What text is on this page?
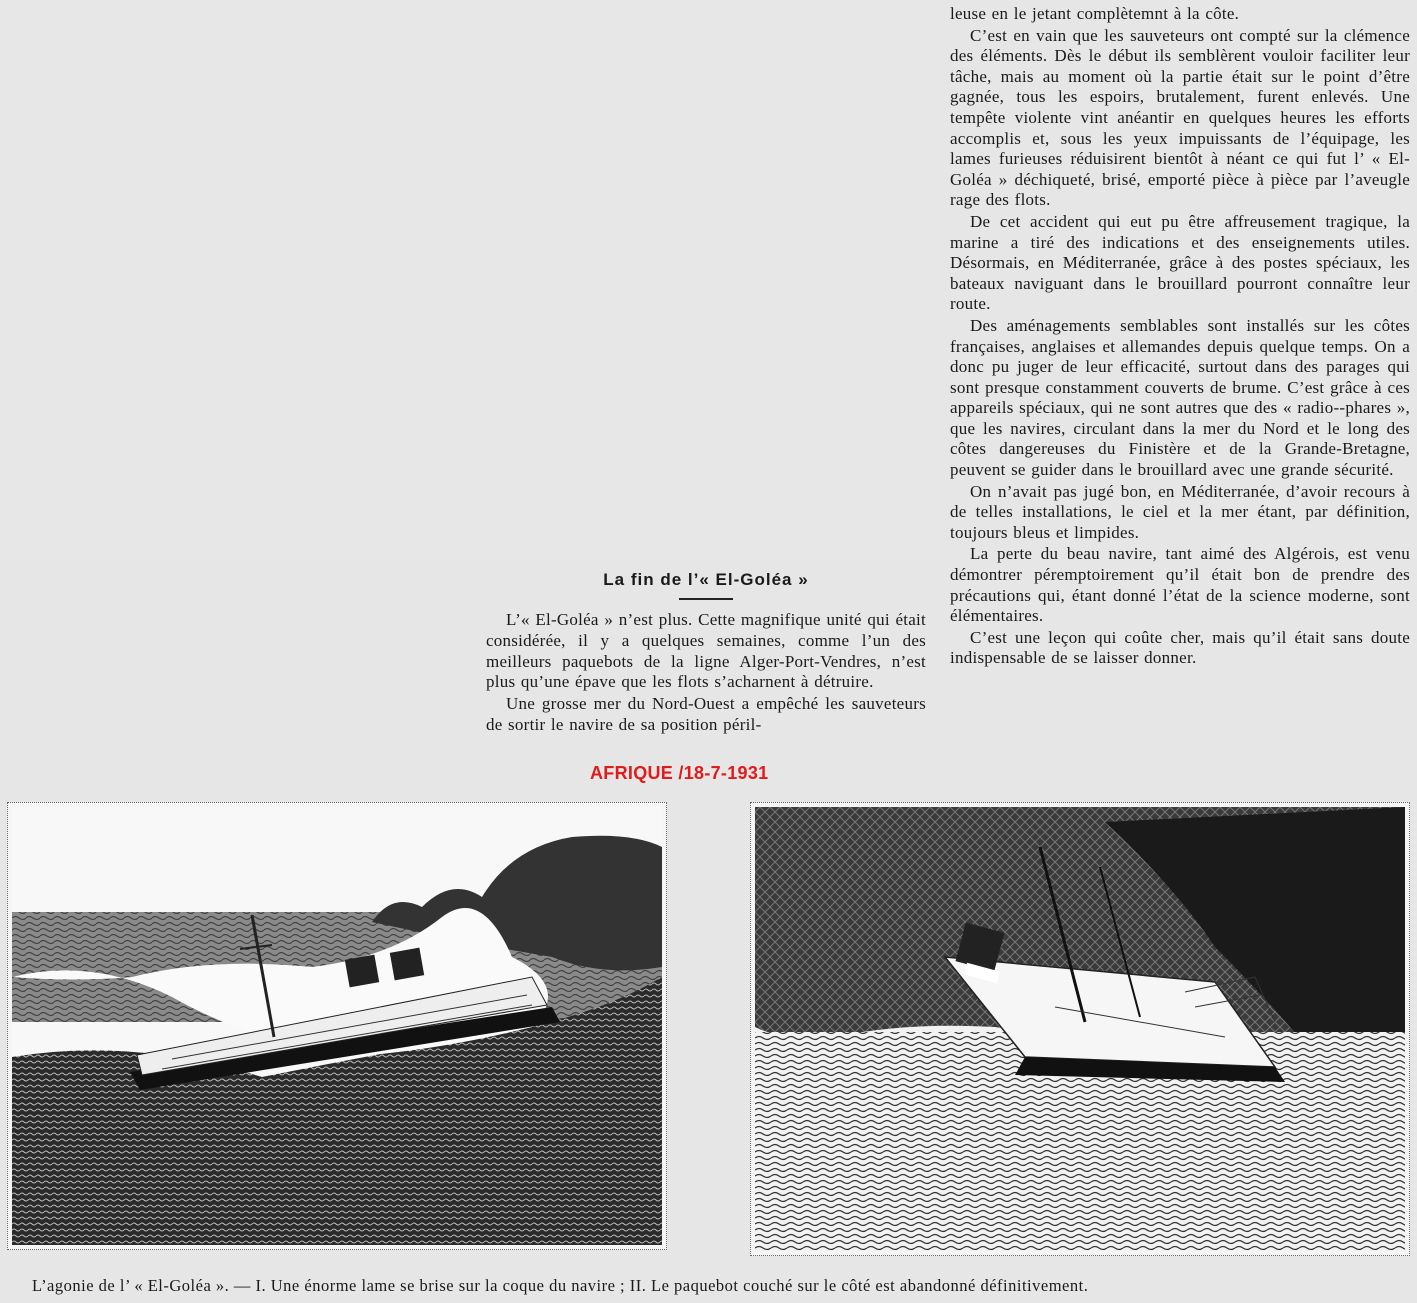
leuse en le jetant complètemnt à la côte.

C’est en vain que les sauveteurs ont compté sur la clémence des éléments. Dès le début ils semblèrent vouloir faciliter leur tâche, mais au moment où la partie était sur le point d’être gagnée, tous les espoirs, brutalement, furent enlevés. Une tempête violente vint anéantir en quelques heures les efforts accomplis et, sous les yeux impuissants de l’équipage, les lames furieuses réduisirent bientôt à néant ce qui fut l’ « El-Goléa » déchiqueté, brisé, emporté pièce à pièce par l’aveugle rage des flots.

De cet accident qui eut pu être affreusement tragique, la marine a tiré des indications et des enseignements utiles. Désormais, en Méditerranée, grâce à des postes spéciaux, les bateaux naviguant dans le brouillard pourront connaître leur route.

Des aménagements semblables sont installés sur les côtes françaises, anglaises et allemandes depuis quelque temps. On a donc pu juger de leur efficacité, surtout dans des parages qui sont presque constamment couverts de brume. C’est grâce à ces appareils spéciaux, qui ne sont autres que des « radio--phares », que les navires, circulant dans la mer du Nord et le long des côtes dangereuses du Finistère et de la Grande-Bretagne, peuvent se guider dans le brouillard avec une grande sécurité.

On n’avait pas jugé bon, en Méditerranée, d’avoir recours à de telles installations, le ciel et la mer étant, par définition, toujours bleus et limpides.

La perte du beau navire, tant aimé des Algérois, est venu démontrer péremptoirement qu’il était bon de prendre des précautions qui, étant donné l’état de la science moderne, sont élémentaires.

C’est une leçon qui coûte cher, mais qu’il était sans doute indispensable de se laisser donner.

La fin de l’« El-Goléa »

L’« El-Goléa » n’est plus. Cette magnifique unité qui était considérée, il y a quelques semaines, comme l’un des meilleurs paquebots de la ligne Alger-Port-Vendres, n’est plus qu’une épave que les flots s’acharnent à détruire.

Une grosse mer du Nord-Ouest a empêché les sauveteurs de sortir le navire de sa position péril-

AFRIQUE /18-7-1931
L’agonie de l’ « El-Goléa ». — I. Une énorme lame se brise sur la coque du navire ; II. Le paquebot couché sur le côté est abandonné définitivement.
